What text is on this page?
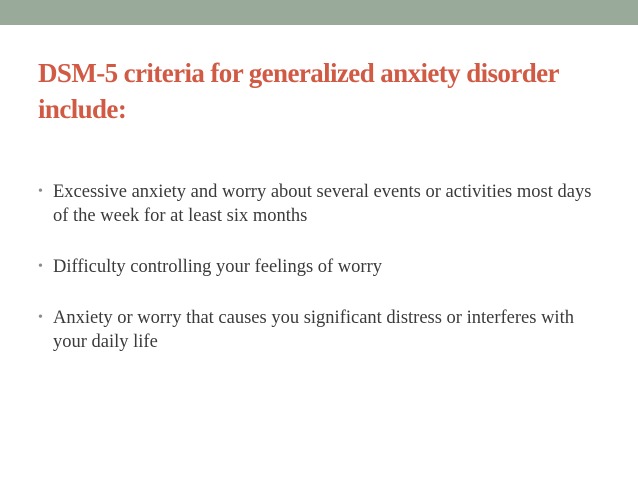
DSM-5 criteria for generalized anxiety disorder include:
• Excessive anxiety and worry about several events or activities most days of the week for at least six months
• Difficulty controlling your feelings of worry
• Anxiety or worry that causes you significant distress or interferes with your daily life
